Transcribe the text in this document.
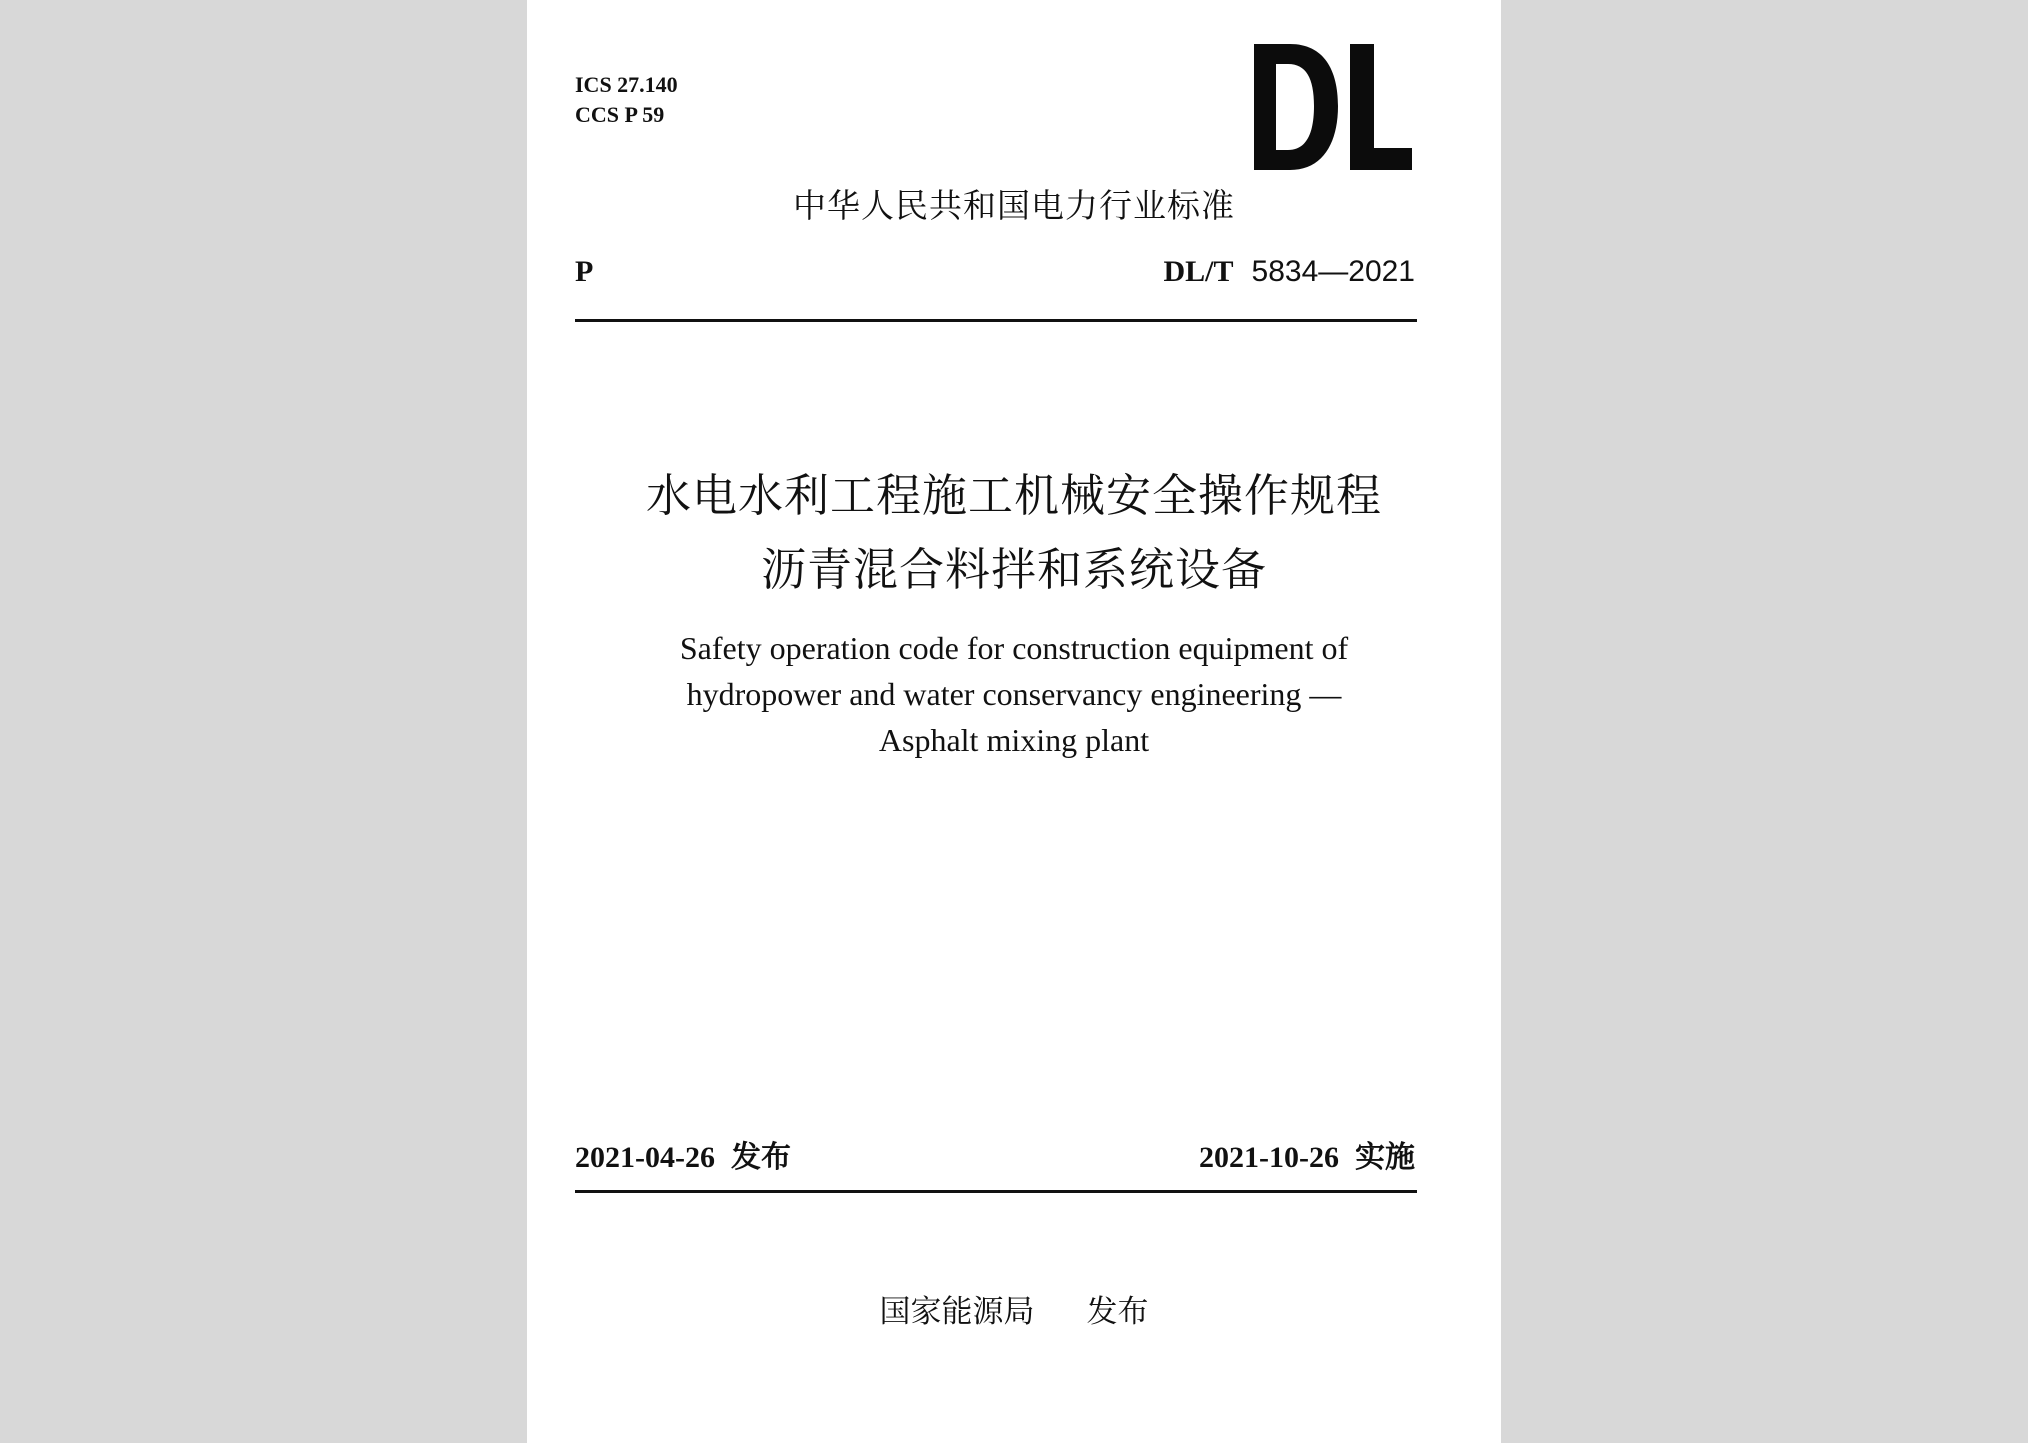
ICS 27.140
CCS P 59
中华人民共和国电力行业标准
P	DL/T 5834—2021
水电水利工程施工机械安全操作规程
沥青混合料拌和系统设备
Safety operation code for construction equipment of
hydropower and water conservancy engineering —
Asphalt mixing plant
2021-04-26 发布	2021-10-26 实施
国家能源局 发布
